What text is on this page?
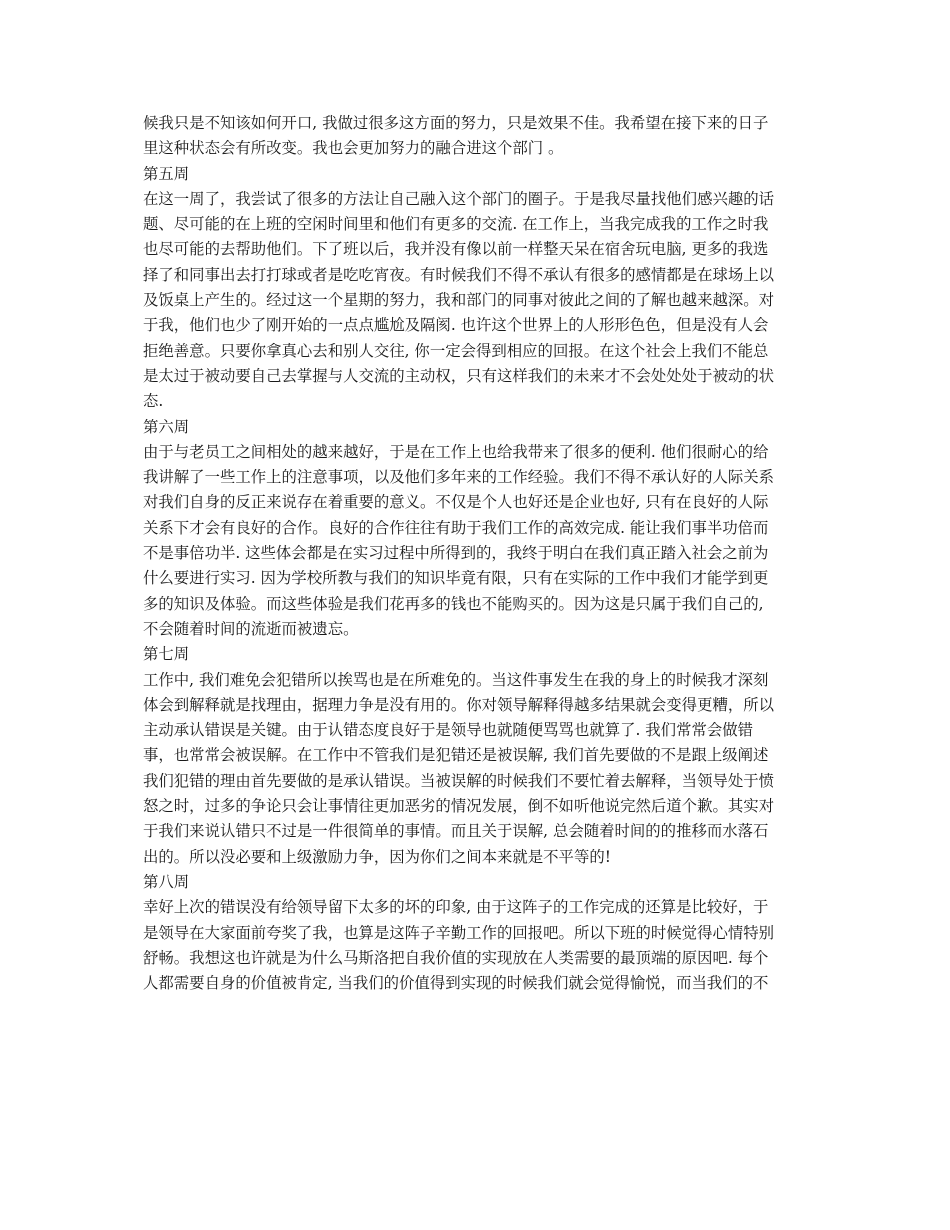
候我只是不知该如何开口, 我做过很多这方面的努力，只是效果不佳。我希望在接下来的日子
里这种状态会有所改变。我也会更加努力的融合进这个部门 。
第五周
在这一周了，我尝试了很多的方法让自己融入这个部门的圈子。于是我尽量找他们感兴趣的话
题、尽可能的在上班的空闲时间里和他们有更多的交流. 在工作上，当我完成我的工作之时我
也尽可能的去帮助他们。下了班以后，我并没有像以前一样整天呆在宿舍玩电脑, 更多的我选
择了和同事出去打打球或者是吃吃宵夜。有时候我们不得不承认有很多的感情都是在球场上以
及饭桌上产生的。经过这一个星期的努力，我和部门的同事对彼此之间的了解也越来越深。对
于我，他们也少了刚开始的一点点尴尬及隔阂. 也许这个世界上的人形形色色，但是没有人会
拒绝善意。只要你拿真心去和别人交往, 你一定会得到相应的回报。在这个社会上我们不能总
是太过于被动要自己去掌握与人交流的主动权，只有这样我们的未来才不会处处处于被动的状
态.
第六周
由于与老员工之间相处的越来越好，于是在工作上也给我带来了很多的便利. 他们很耐心的给
我讲解了一些工作上的注意事项，以及他们多年来的工作经验。我们不得不承认好的人际关系
对我们自身的反正来说存在着重要的意义。不仅是个人也好还是企业也好, 只有在良好的人际
关系下才会有良好的合作。良好的合作往往有助于我们工作的高效完成. 能让我们事半功倍而
不是事倍功半. 这些体会都是在实习过程中所得到的，我终于明白在我们真正踏入社会之前为
什么要进行实习. 因为学校所教与我们的知识毕竟有限，只有在实际的工作中我们才能学到更
多的知识及体验。而这些体验是我们花再多的钱也不能购买的。因为这是只属于我们自己的,
不会随着时间的流逝而被遗忘。
第七周
工作中, 我们难免会犯错所以挨骂也是在所难免的。当这件事发生在我的身上的时候我才深刻
体会到解释就是找理由，据理力争是没有用的。你对领导解释得越多结果就会变得更糟，所以
主动承认错误是关键。由于认错态度良好于是领导也就随便骂骂也就算了. 我们常常会做错
事，也常常会被误解。在工作中不管我们是犯错还是被误解, 我们首先要做的不是跟上级阐述
我们犯错的理由首先要做的是承认错误。当被误解的时候我们不要忙着去解释，当领导处于愤
怒之时，过多的争论只会让事情往更加恶劣的情况发展，倒不如听他说完然后道个歉。其实对
于我们来说认错只不过是一件很简单的事情。而且关于误解, 总会随着时间的的推移而水落石
出的。所以没必要和上级激励力争，因为你们之间本来就是不平等的!
第八周
幸好上次的错误没有给领导留下太多的坏的印象, 由于这阵子的工作完成的还算是比较好，于
是领导在大家面前夸奖了我，也算是这阵子辛勤工作的回报吧。所以下班的时候觉得心情特别
舒畅。我想这也许就是为什么马斯洛把自我价值的实现放在人类需要的最顶端的原因吧. 每个
人都需要自身的价值被肯定, 当我们的价值得到实现的时候我们就会觉得愉悦，而当我们的不
